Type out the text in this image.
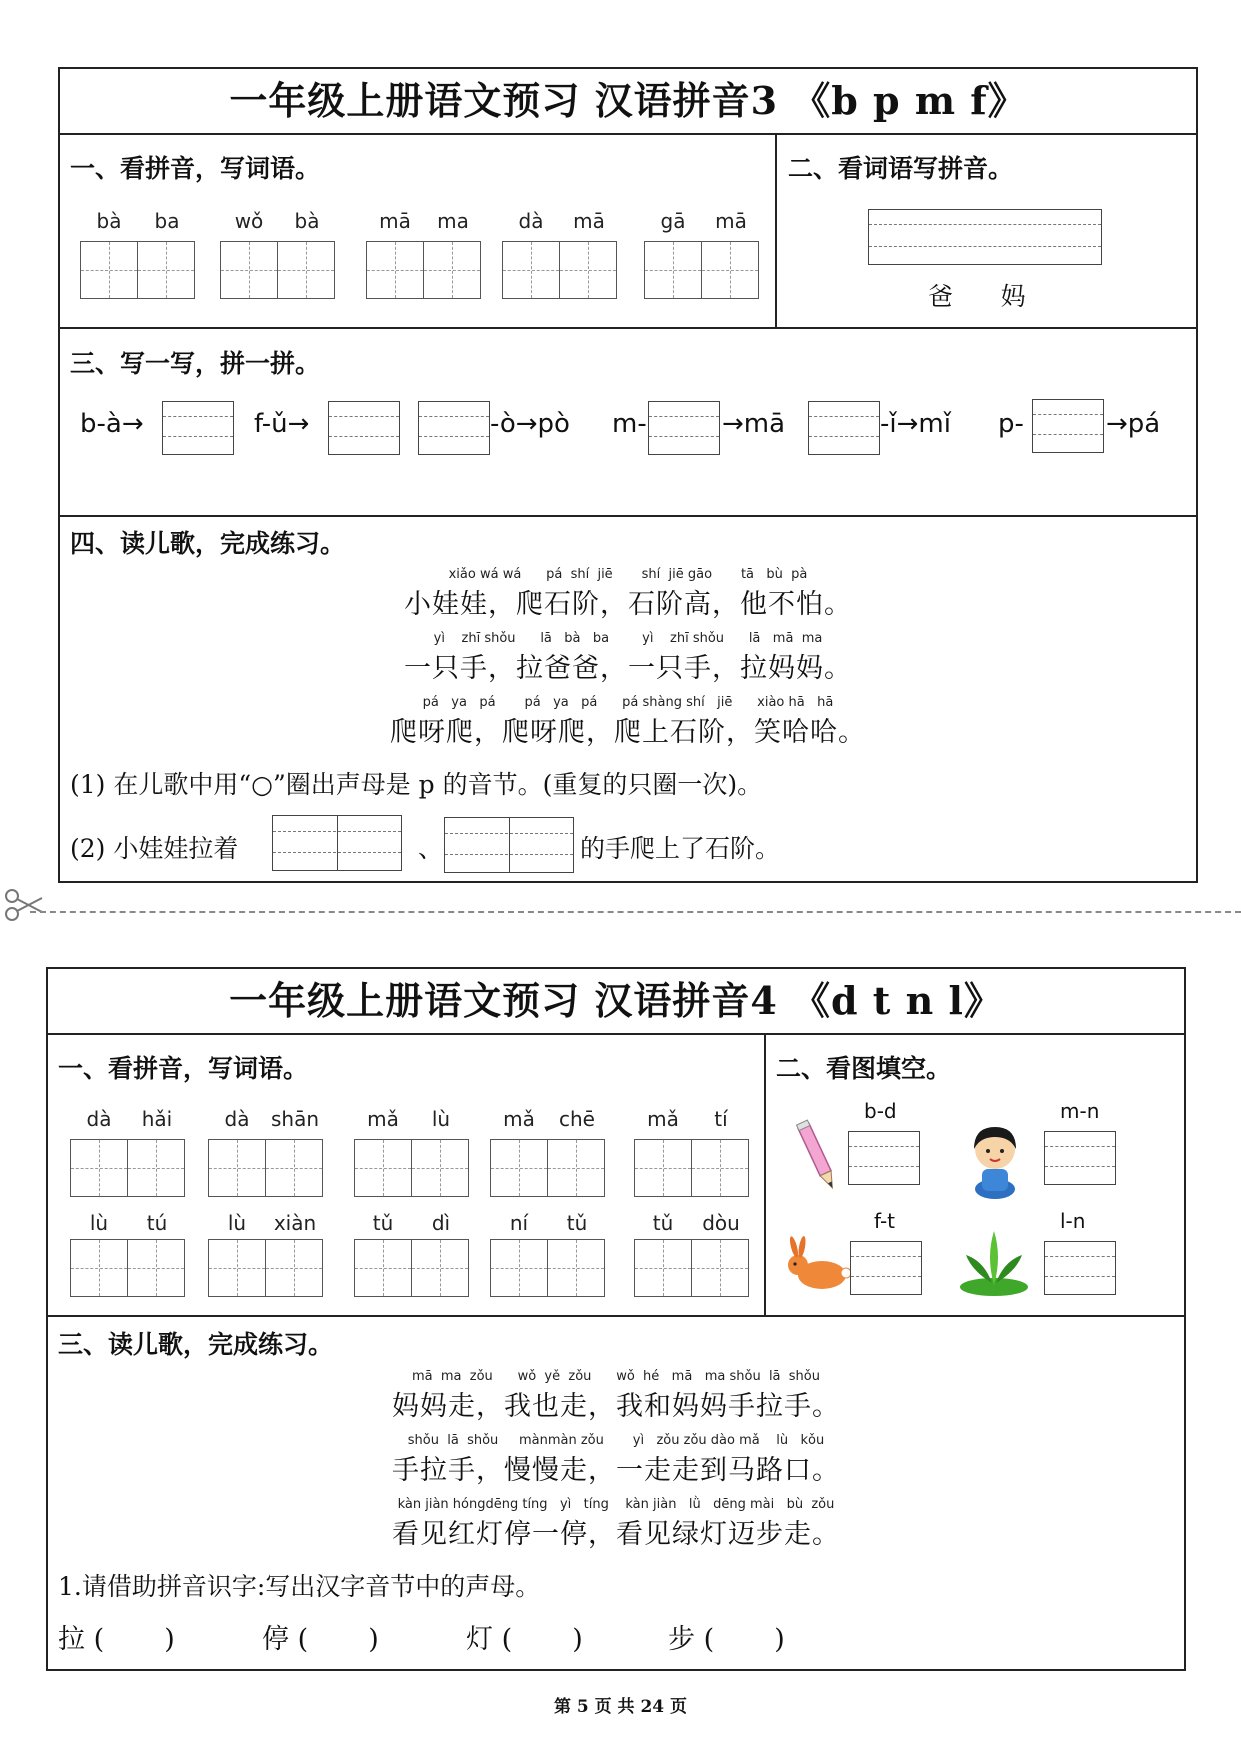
一年级上册语文预习 汉语拼音3 《b p m f》
一、看拼音，写词语。
bà ba	wǒ bà	mā ma	dà mā	gā mā
二、看词语写拼音。
爸      妈
三、写一写，拼一拼。
b-à→	f-ǔ→	-ò→pò m-	→mā	-ǐ→mǐ p-	→pá
四、读儿歌，完成练习。
xiǎo wá wá      pá  shí  jiē       shí  jiē gāo       tā   bù  pà
小娃娃，爬石阶，石阶高，他不怕。
yì    zhī shǒu      lā   bà   ba        yì    zhī shǒu      lā   mā  ma
一只手，拉爸爸，一只手，拉妈妈。
pá   ya   pá       pá   ya   pá      pá shàng shí   jiē      xiào hā   hā
爬呀爬，爬呀爬，爬上石阶，笑哈哈。
(1) 在儿歌中用“○”圈出声母是 p 的音节。(重复的只圈一次)。
(2) 小娃娃拉着	、	的手爬上了石阶。
一年级上册语文预习 汉语拼音4 《d t n l》
一、看拼音，写词语。
dà hǎi	dà shān	mǎ lù	mǎ chē	mǎ tí
lù tú	lù xiàn	tǔ dì	ní tǔ	tǔ dòu
二、看图填空。
b-d	m-n
f-t	l-n
三、读儿歌，完成练习。
mā  ma  zǒu      wǒ  yě  zǒu      wǒ  hé   mā   ma shǒu  lā  shǒu
妈妈走，我也走，我和妈妈手拉手。
shǒu  lā  shǒu     mànmàn zǒu       yì   zǒu zǒu dào mǎ    lù   kǒu
手拉手，慢慢走，一走走到马路口。
kàn jiàn hóngdēng tíng   yì   tíng    kàn jiàn   lǜ   dēng mài   bù  zǒu
看见红灯停一停，看见绿灯迈步走。
1.请借助拼音识字:写出汉字音节中的声母。
拉 (       )	停 (       )	灯 (       )	步 (       )
第 5 页 共 24 页
